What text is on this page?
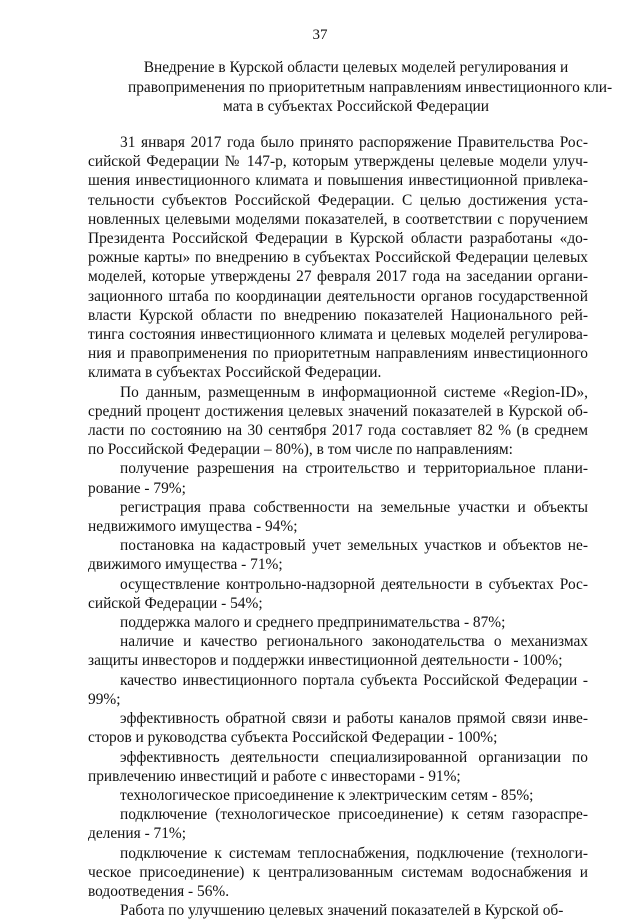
37
Внедрение в Курской области целевых моделей регулирования и
правоприменения по приоритетным направлениям инвестиционного кли-
мата в субъектах Российской Федерации

31 января 2017 года было принято распоряжение Правительства Российской Федерации № 147-р, которым утверждены целевые модели улучшения инвестиционного климата и повышения инвестиционной привлекательности субъектов Российской Федерации. С целью достижения установленных целевыми моделями показателей, в соответствии с поручением Президента Российской Федерации в Курской области разработаны «дорожные карты» по внедрению в субъектах Российской Федерации целевых моделей, которые утверждены 27 февраля 2017 года на заседании организационного штаба по координации деятельности органов государственной власти Курской области по внедрению показателей Национального рейтинга состояния инвестиционного климата и целевых моделей регулирования и правоприменения по приоритетным направлениям инвестиционного климата в субъектах Российской Федерации.

По данным, размещенным в информационной системе «Region-ID», средний процент достижения целевых значений показателей в Курской области по состоянию на 30 сентября 2017 года составляет 82 % (в среднем по Российской Федерации – 80%), в том числе по направлениям:

получение разрешения на строительство и территориальное планирование - 79%;

регистрация права собственности на земельные участки и объекты недвижимого имущества - 94%;

постановка на кадастровый учет земельных участков и объектов недвижимого имущества - 71%;

осуществление контрольно-надзорной деятельности в субъектах Российской Федерации - 54%;

поддержка малого и среднего предпринимательства - 87%;

наличие и качество регионального законодательства о механизмах защиты инвесторов и поддержки инвестиционной деятельности - 100%;

качество инвестиционного портала субъекта Российской Федерации - 99%;

эффективность обратной связи и работы каналов прямой связи инвесторов и руководства субъекта Российской Федерации - 100%;

эффективность деятельности специализированной организации по привлечению инвестиций и работе с инвесторами - 91%;

технологическое присоединение к электрическим сетям - 85%;

подключение (технологическое присоединение) к сетям газораспределения - 71%;

подключение к системам теплоснабжения, подключение (технологическое присоединение) к централизованным системам водоснабжения и водоотведения - 56%.

Работа по улучшению целевых значений показателей в Курской об-
